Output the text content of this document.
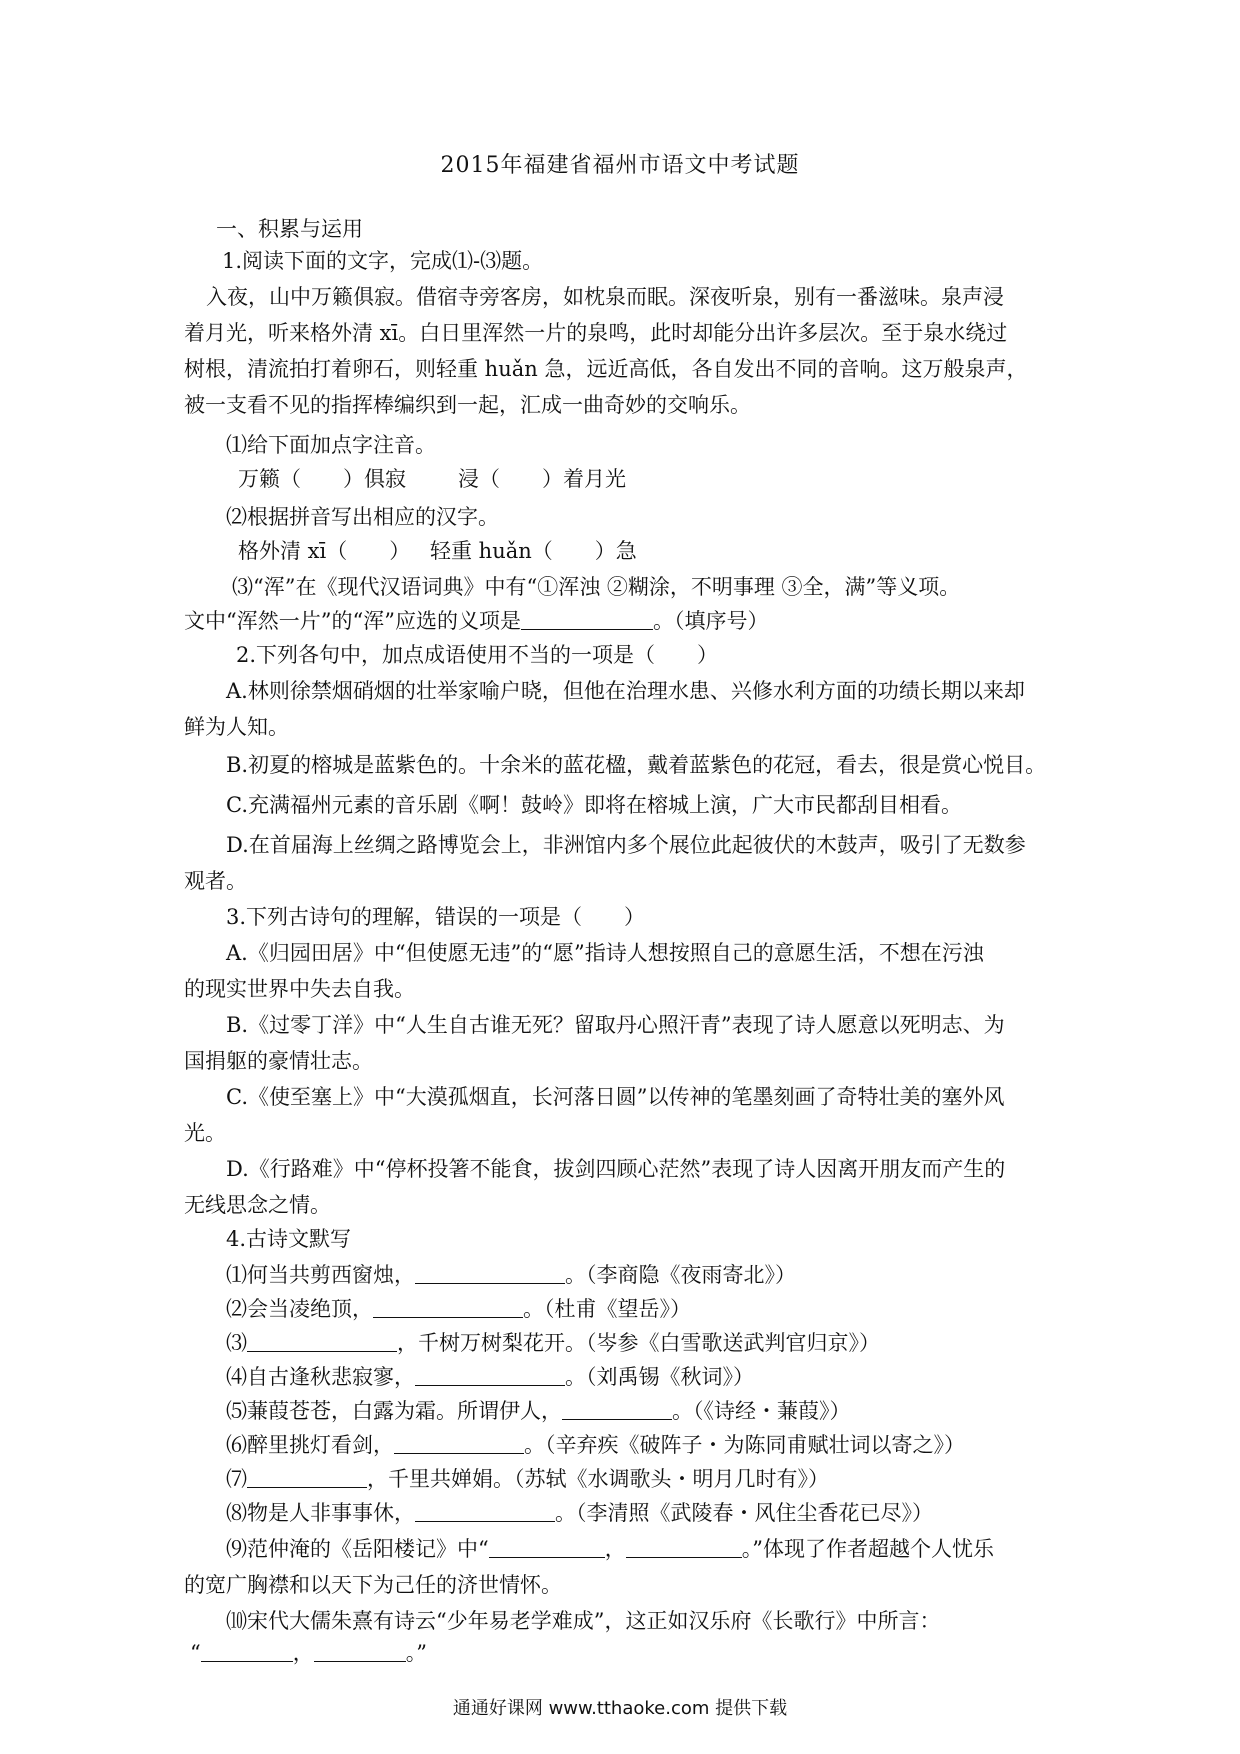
2015年福建省福州市语文中考试题
一、积累与运用
1.阅读下面的文字，完成⑴-⑶题。
入夜，山中万籁俱寂。借宿寺旁客房，如枕泉而眠。深夜听泉，别有一番滋味。泉声浸
着月光，听来格外清 xī。白日里浑然一片的泉鸣，此时却能分出许多层次。至于泉水绕过
树根，清流拍打着卵石，则轻重 huǎn 急，远近高低，各自发出不同的音响。这万般泉声，
被一支看不见的指挥棒编织到一起，汇成一曲奇妙的交响乐。
⑴给下面加点字注音。
万籁（　　）俱寂	浸（　　）着月光
⑵根据拼音写出相应的汉字。
格外清 xī（　　） 轻重 huǎn（　　）急
⑶“浑”在《现代汉语词典》中有“①浑浊 ②糊涂，不明事理 ③全，满”等义项。
文中“浑然一片”的“浑”应选的义项是	。（填序号）
2.下列各句中，加点成语使用不当的一项是（　　）
A.林则徐禁烟硝烟的壮举家喻户晓，但他在治理水患、兴修水利方面的功绩长期以来却
鲜为人知。
B.初夏的榕城是蓝紫色的。十余米的蓝花楹，戴着蓝紫色的花冠，看去，很是赏心悦目。
C.充满福州元素的音乐剧《啊！鼓岭》即将在榕城上演，广大市民都刮目相看。
D.在首届海上丝绸之路博览会上，非洲馆内多个展位此起彼伏的木鼓声，吸引了无数参
观者。
3.下列古诗句的理解，错误的一项是（　　）
A.《归园田居》中“但使愿无违”的“愿”指诗人想按照自己的意愿生活，不想在污浊
的现实世界中失去自我。
B.《过零丁洋》中“人生自古谁无死？留取丹心照汗青”表现了诗人愿意以死明志、为
国捐躯的豪情壮志。
C.《使至塞上》中“大漠孤烟直，长河落日圆”以传神的笔墨刻画了奇特壮美的塞外风
光。
D.《行路难》中“停杯投箸不能食，拔剑四顾心茫然”表现了诗人因离开朋友而产生的
无线思念之情。
4.古诗文默写
⑴何当共剪西窗烛，	。（李商隐《夜雨寄北》）
⑵会当凌绝顶，	。（杜甫《望岳》）
⑶	，千树万树梨花开。（岑参《白雪歌送武判官归京》）
⑷自古逢秋悲寂寥，	。（刘禹锡《秋词》）
⑸蒹葭苍苍，白露为霜。所谓伊人，	。（《诗经・蒹葭》）
⑹醉里挑灯看剑，	。（辛弃疾《破阵子・为陈同甫赋壮词以寄之》）
⑺	，千里共婵娟。（苏轼《水调歌头・明月几时有》）
⑻物是人非事事休，	。（李清照《武陵春・风住尘香花已尽》）
⑼范仲淹的《岳阳楼记》中“	，	。”体现了作者超越个人忧乐
的宽广胸襟和以天下为己任的济世情怀。
⑽宋代大儒朱熹有诗云“少年易老学难成”，这正如汉乐府《长歌行》中所言：
“	，	。”
通通好课网 www.tthaoke.com 提供下载
